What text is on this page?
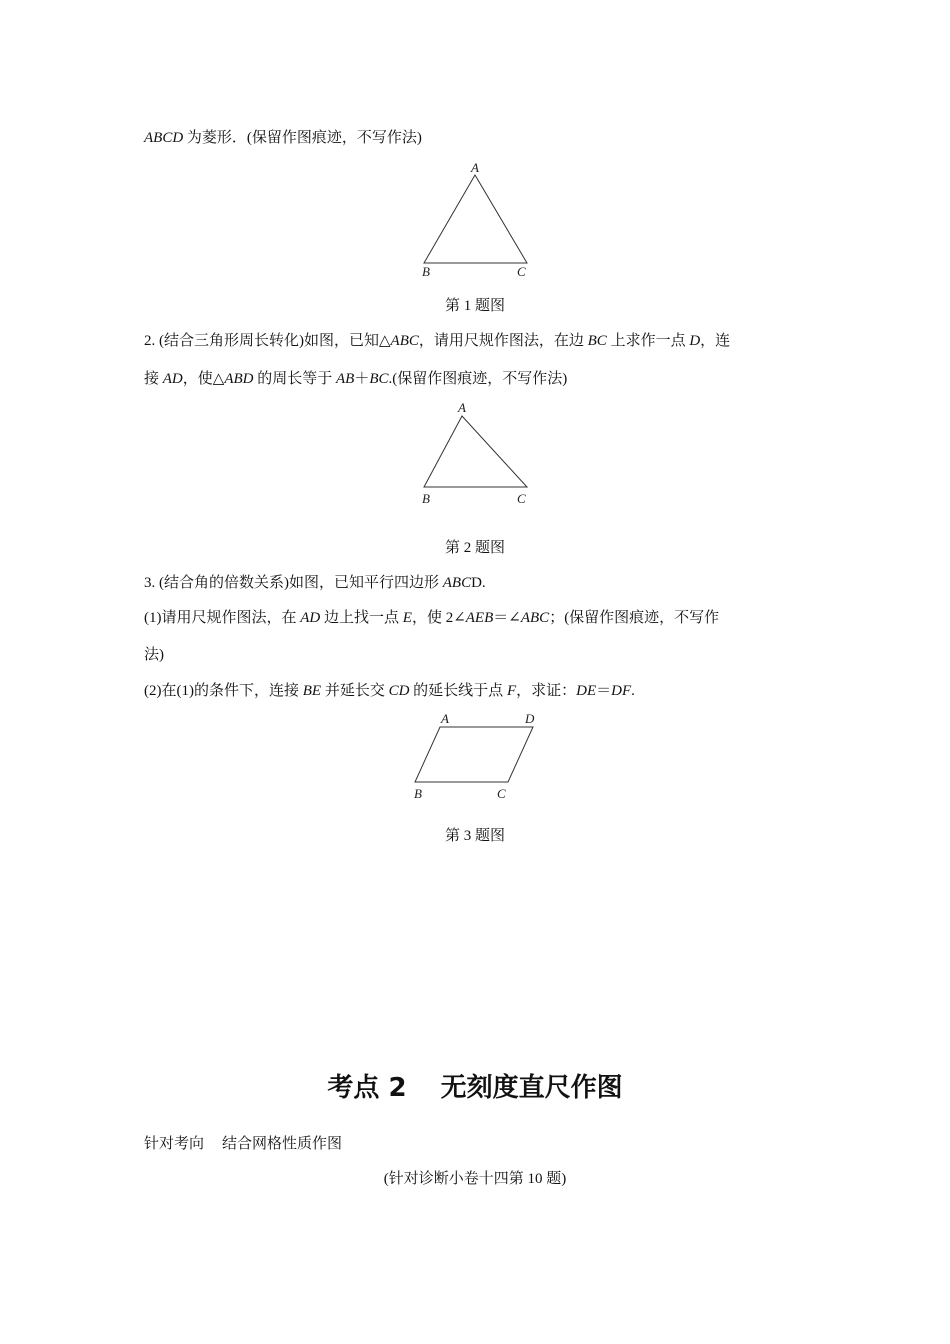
ABCD 为菱形．(保留作图痕迹，不写作法)
A
B	C
第 1 题图
2. (结合三角形周长转化)如图，已知△ABC，请用尺规作图法，在边 BC 上求作一点 D，连
接 AD，使△ABD 的周长等于 AB＋BC.(保留作图痕迹，不写作法)
A
B	C
第 2 题图
3. (结合角的倍数关系)如图，已知平行四边形 ABCD.
(1)请用尺规作图法，在 AD 边上找一点 E，使 2∠AEB＝∠ABC；(保留作图痕迹，不写作
法)
(2)在(1)的条件下，连接 BE 并延长交 CD 的延长线于点 F，求证：DE＝DF.
A	D
B	C
第 3 题图
考点 2 无刻度直尺作图
针对考向 结合网格性质作图
(针对诊断小卷十四第 10 题)
